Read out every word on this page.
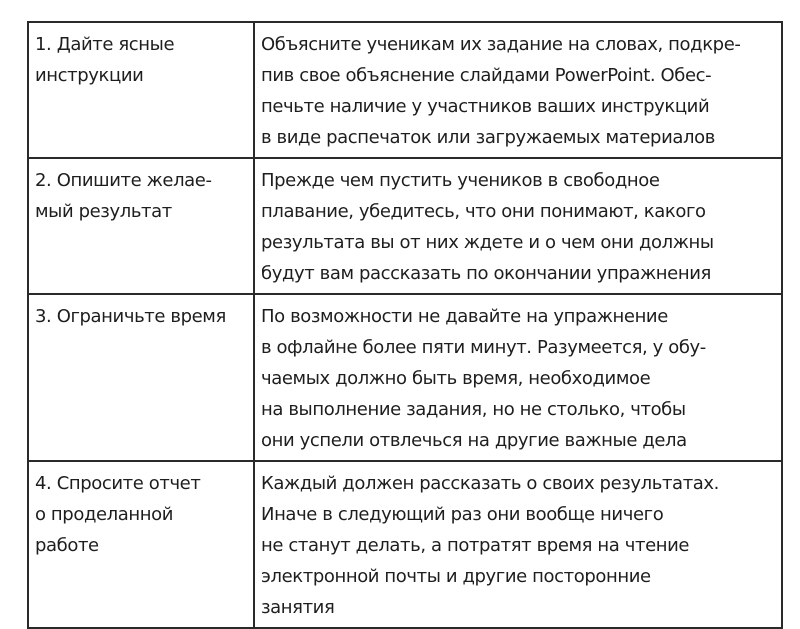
1. Дайте ясные
инструкции	Объясните ученикам их задание на словах, подкре-
пив свое объяснение слайдами PowerPoint. Обес-
печьте наличие у участников ваших инструкций
в виде распечаток или загружаемых материалов

2. Опишите желае-
мый результат	Прежде чем пустить учеников в свободное
плавание, убедитесь, что они понимают, какого
результата вы от них ждете и о чем они должны
будут вам рассказать по окончании упражнения

3. Ограничьте время	По возможности не давайте на упражнение
в офлайне более пяти минут. Разумеется, у обу-
чаемых должно быть время, необходимое
на выполнение задания, но не столько, чтобы
они успели отвлечься на другие важные дела

4. Спросите отчет
о проделанной
работе	Каждый должен рассказать о своих результатах.
Иначе в следующий раз они вообще ничего
не станут делать, а потратят время на чтение
электронной почты и другие посторонние
занятия
